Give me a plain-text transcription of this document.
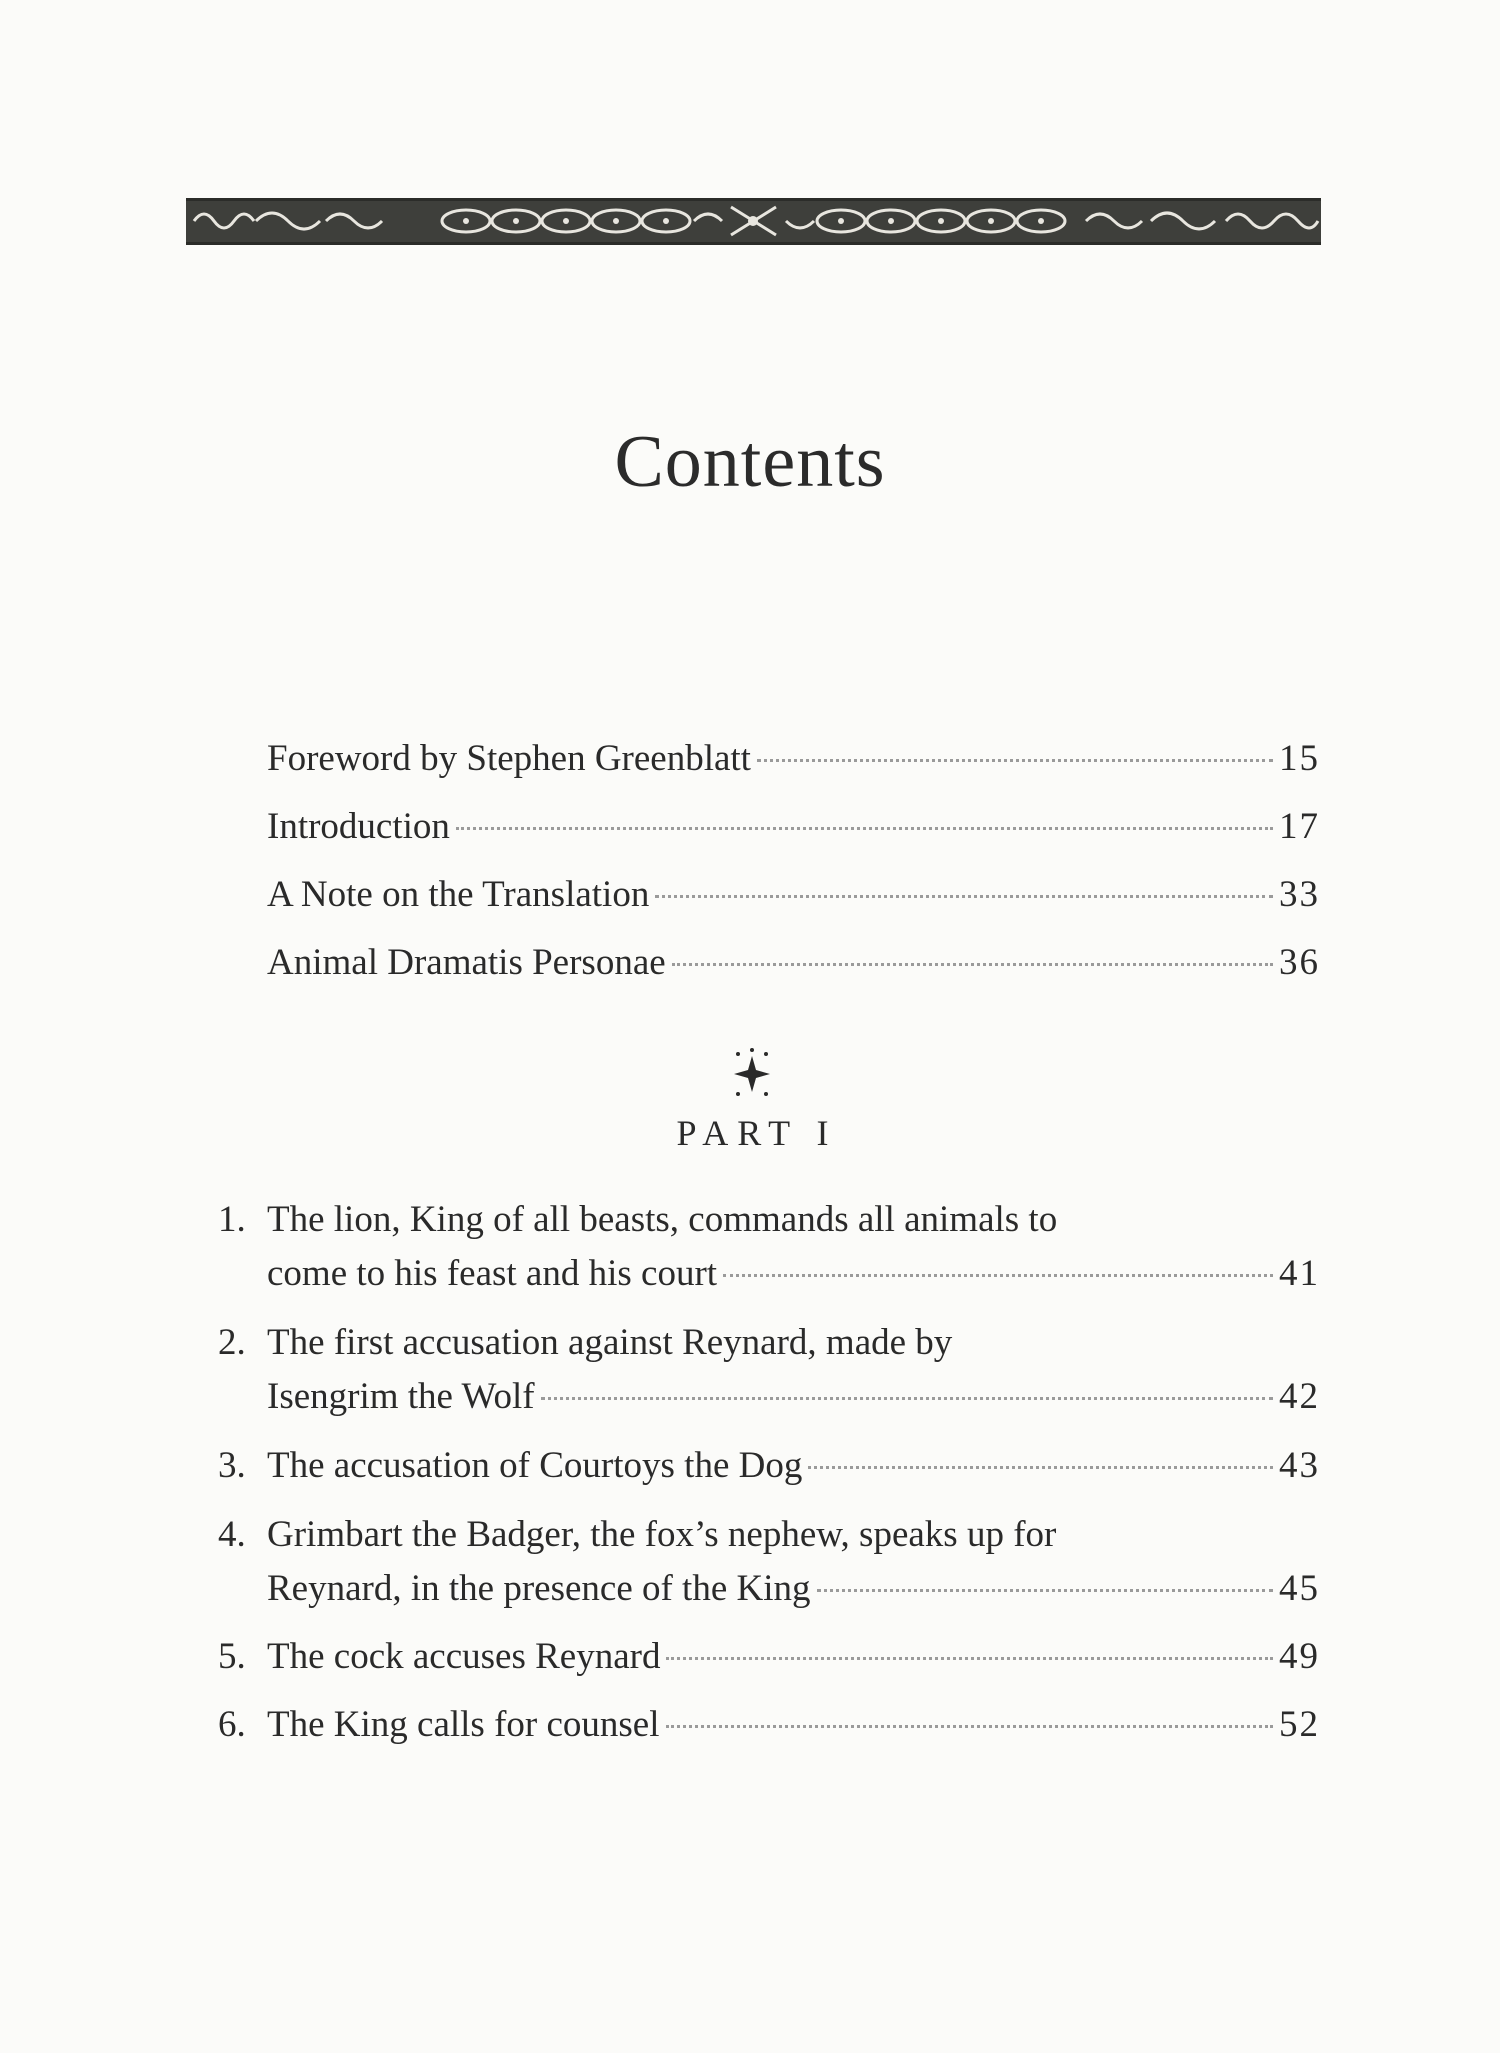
Contents
Foreword by Stephen Greenblatt	15
Introduction	17
A Note on the Translation	33
Animal Dramatis Personae	36
PART I
1. The lion, King of all beasts, commands all animals to
come to his feast and his court	41
2. The first accusation against Reynard, made by
Isengrim the Wolf	42
3. The accusation of Courtoys the Dog	43
4. Grimbart the Badger, the fox’s nephew, speaks up for
Reynard, in the presence of the King	45
5. The cock accuses Reynard	49
6. The King calls for counsel	52
